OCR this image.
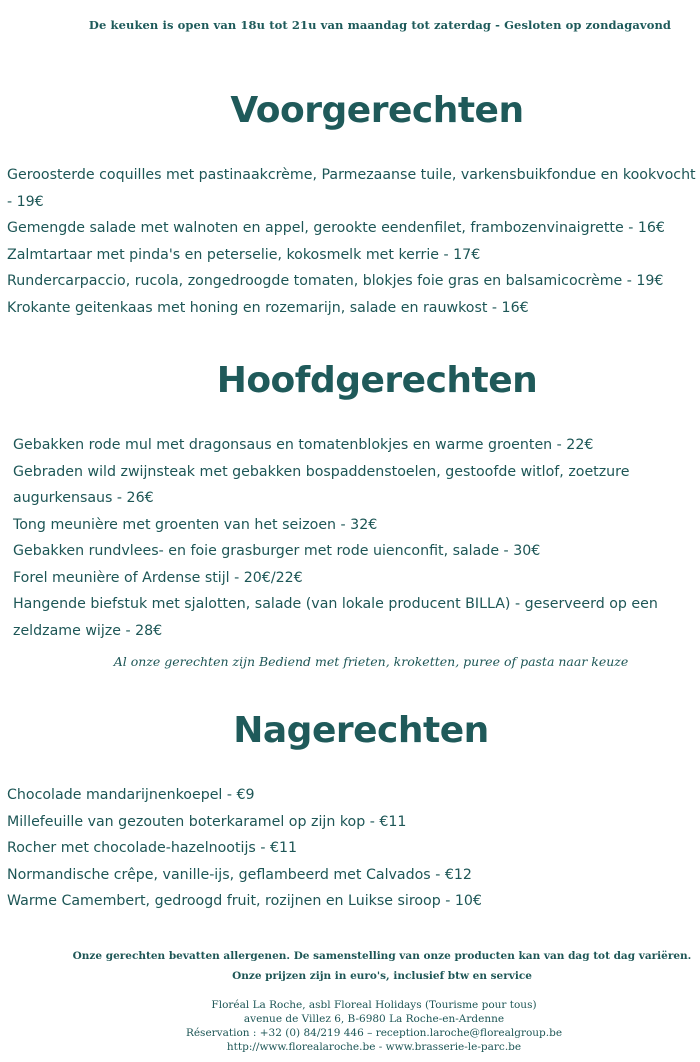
De keuken is open van 18u tot 21u van maandag tot zaterdag - Gesloten op zondagavond
Voorgerechten
Geroosterde coquilles met pastinaakcrème, Parmezaanse tuile, varkensbuikfondue en kookvocht - 19€
Gemengde salade met walnoten en appel, gerookte eendenfilet, frambozenvinaigrette - 16€
Zalmtartaar met pinda's en peterselie, kokosmelk met kerrie - 17€
Rundercarpaccio, rucola, zongedroogde tomaten, blokjes foie gras en balsamicocrème - 19€
Krokante geitenkaas met honing en rozemarijn, salade en rauwkost - 16€
Hoofdgerechten
Gebakken rode mul met dragonsaus en tomatenblokjes en warme groenten - 22€
Gebraden wild zwijnsteak met gebakken bospaddenstoelen, gestoofde witlof, zoetzure augurkensaus - 26€
Tong meunière met groenten van het seizoen - 32€
Gebakken rundvlees- en foie grasburger met rode uienconfit, salade - 30€
Forel meunière of Ardense stijl - 20€/22€
Hangende biefstuk met sjalotten, salade (van lokale producent BILLA) - geserveerd op een zeldzame wijze - 28€
Al onze gerechten zijn Bediend met frieten, kroketten, puree of pasta naar keuze
Nagerechten
Chocolade mandarijnenkoepel - €9
Millefeuille van gezouten boterkaramel op zijn kop - €11
Rocher met chocolade-hazelnootijs - €11
Normandische crêpe, vanille-ijs, geflambeerd met Calvados - €12
Warme Camembert, gedroogd fruit, rozijnen en Luikse siroop - 10€
Onze gerechten bevatten allergenen. De samenstelling van onze producten kan van dag tot dag variëren.
Onze prijzen zijn in euro's, inclusief btw en service
Floréal La Roche, asbl Floreal Holidays (Tourisme pour tous)
avenue de Villez 6, B-6980 La Roche-en-Ardenne
Réservation : +32 (0) 84/219 446 – reception.laroche@florealgroup.be
http://www.florealaroche.be - www.brasserie-le-parc.be
